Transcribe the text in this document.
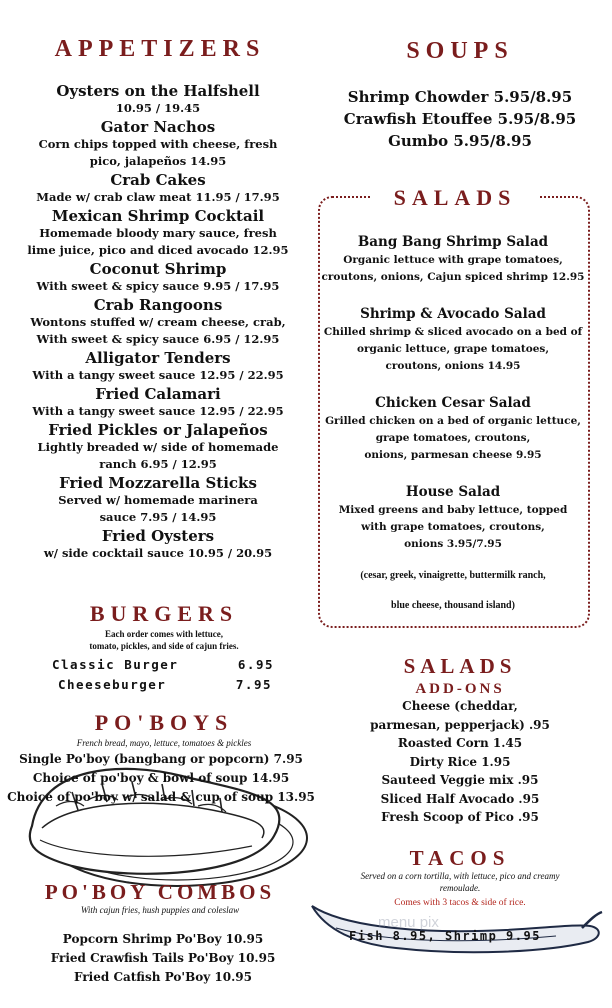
APPETIZERS
Oysters on the Halfshell
10.95 / 19.45
Gator Nachos
Corn chips topped with cheese, fresh
pico, jalapeños 14.95
Crab Cakes
Made w/ crab claw meat 11.95 / 17.95
Mexican Shrimp Cocktail
Homemade bloody mary sauce, fresh
lime juice, pico and diced avocado 12.95
Coconut Shrimp
With sweet & spicy sauce 9.95 / 17.95
Crab Rangoons
Wontons stuffed w/ cream cheese, crab,
With sweet & spicy sauce 6.95 / 12.95
Alligator Tenders
With a tangy sweet sauce 12.95 / 22.95
Fried Calamari
With a tangy sweet sauce 12.95 / 22.95
Fried Pickles or Jalapeños
Lightly breaded w/ side of homemade
ranch 6.95 / 12.95
Fried Mozzarella Sticks
Served w/ homemade marinera
sauce 7.95 / 14.95
Fried Oysters
w/ side cocktail sauce 10.95 / 20.95
BURGERS
Each order comes with lettuce,
tomato, pickles, and side of cajun fries.
Classic Burger	6.95
Cheeseburger	7.95
PO'BOYS
French bread, mayo, lettuce, tomatoes & pickles
Single Po'boy (bangbang or popcorn) 7.95
Choice of po'boy & bowl of soup 14.95
Choice of po'boy w/ salad & cup of soup 13.95
PO'BOY COMBOS
With cajun fries, hush puppies and coleslaw
Popcorn Shrimp Po'Boy 10.95
Fried Crawfish Tails Po'Boy 10.95
Fried Catfish Po'Boy 10.95
SOUPS
Shrimp Chowder 5.95/8.95
Crawfish Etouffee 5.95/8.95
Gumbo 5.95/8.95
SALADS
Bang Bang Shrimp Salad
Organic lettuce with grape tomatoes,
croutons, onions, Cajun spiced shrimp 12.95
Shrimp & Avocado Salad
Chilled shrimp & sliced avocado on a bed of
organic lettuce, grape tomatoes,
croutons, onions 14.95
Chicken Cesar Salad
Grilled chicken on a bed of organic lettuce,
grape tomatoes, croutons,
onions, parmesan cheese 9.95
House Salad
Mixed greens and baby lettuce, topped
with grape tomatoes, croutons,
onions 3.95/7.95
(cesar, greek, vinaigrette, buttermilk ranch,
blue cheese, thousand island)
SALADS
ADD-ONS
Cheese (cheddar,
parmesan, pepperjack) .95
Roasted Corn 1.45
Dirty Rice 1.95
Sauteed Veggie mix .95
Sliced Half Avocado .95
Fresh Scoop of Pico .95
TACOS
Served on a corn tortilla, with lettuce, pico and creamy
remoulade.
Comes with 3 tacos & side of rice.
menu pix
Fish 8.95, Shrimp 9.95
